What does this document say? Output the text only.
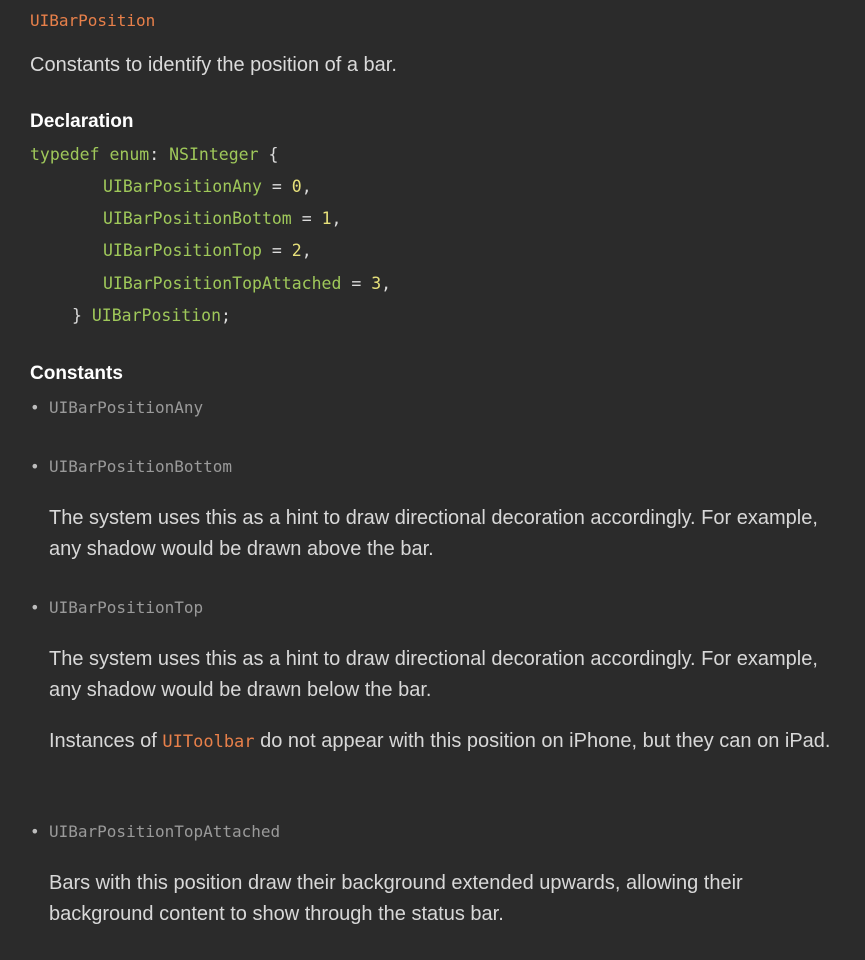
UIBarPosition
Constants to identify the position of a bar.
Declaration
typedef enum: NSInteger {
UIBarPositionAny = 0,
UIBarPositionBottom = 1,
UIBarPositionTop = 2,
UIBarPositionTopAttached = 3,
} UIBarPosition;
Constants
• UIBarPositionAny
• UIBarPositionBottom
The system uses this as a hint to draw directional decoration accordingly. For example, any shadow would be drawn above the bar.
• UIBarPositionTop
The system uses this as a hint to draw directional decoration accordingly. For example, any shadow would be drawn below the bar.
Instances of UIToolbar do not appear with this position on iPhone, but they can on iPad.
• UIBarPositionTopAttached
Bars with this position draw their background extended upwards, allowing their background content to show through the status bar.
